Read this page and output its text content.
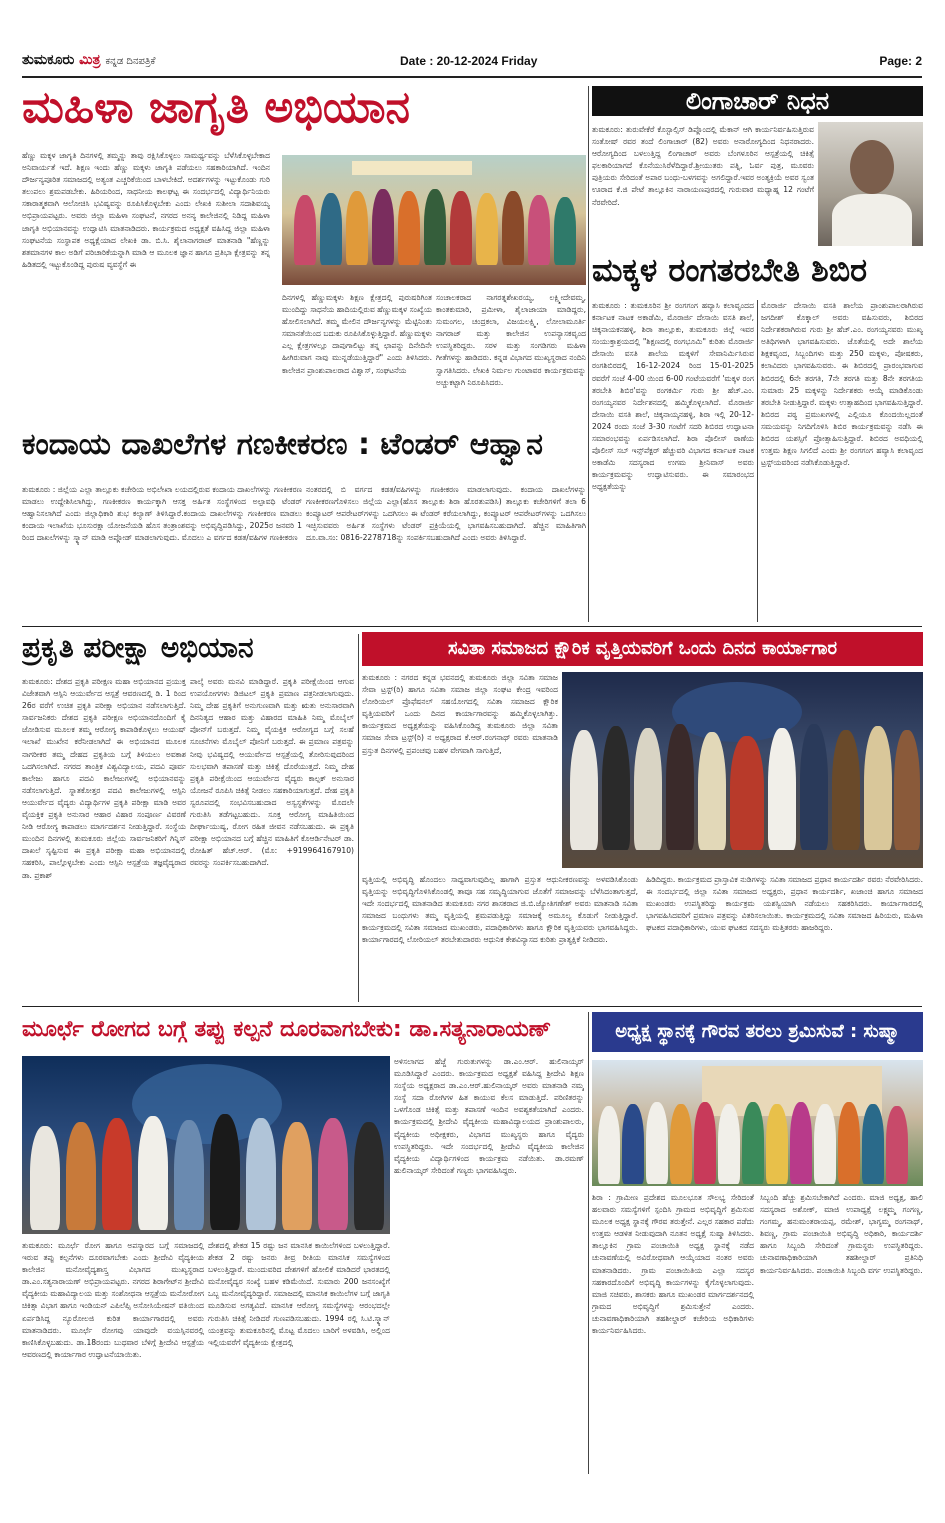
ತುಮಕೂರು ಮಿತ್ರ ಕನ್ನಡ ದಿನಪತ್ರಿಕೆ	Date : 20-12-2024 Friday	Page: 2
ಮಹಿಳಾ ಜಾಗೃತಿ ಅಭಿಯಾನ
ಹೆಣ್ಣು ಮಕ್ಕಳ ಜಾಗೃತಿ ದಿನಗಳಲ್ಲಿ ತಮ್ಮನ್ನು ತಾವು ರಕ್ಷಿಸಿಕೊಳ್ಳಲು ಸಾಮರ್ಥ್ಯವನ್ನು ಬೆಳೆಸಿಕೊಳ್ಳಬೇಕಾದ ಅನಿವಾರ್ಯತೆ ಇದೆ. ಶಿಕ್ಷಣ ಇಂದು ಹೆಣ್ಣು ಮಕ್ಕಳು ಜಾಗೃತಿ ಪಡೆಯಲು ಸಹಕಾರಿಯಾಗಿದೆ. ಇಂದಿನ ದೌರ್ಜನ್ಯಪೂರಿತ ಸಮಾಜದಲ್ಲಿ ಅತ್ಯಂತ ಎಚ್ಚರಿಕೆಯಿಂದ ಬಾಳಬೇಕಿದೆ. ಅದರ್ಶಗಳನ್ನು ಇಟ್ಟುಕೊಂಡು ಗುರಿ ತಲುಪಲು ಶ್ರಮಪಡಬೇಕು. ಹಿರಿಯರಿಂದ, ಸಾಧನೀಯ ಕಾಲಘಟ್ಟ ಈ ಸಂದರ್ಭದಲ್ಲಿ ವಿದ್ಯಾರ್ಥಿನಿಯರು ಸಕಾರಾತ್ಮಕವಾಗಿ ಆಲೋಚಿಸಿ ಭವಿಷ್ಯವನ್ನು ರೂಪಿಸಿಕೊಳ್ಳಬೇಕು ಎಂದು ಲೇಖಕಿ ಸುಶೀಲಾ ಸದಾಶಿವಯ್ಯ ಅಭಿಪ್ರಾಯಪಟ್ಟರು. ಅವರು ಜಿಲ್ಲಾ ಮಹಿಳಾ ಸಂಘಟನೆ, ನಗರದ ಅನನ್ಯ ಕಾಲೇಜಿನಲ್ಲಿ ನಿಡಿದ್ದ ಮಹಿಳಾ ಜಾಗೃತಿ ಅಭಿಯಾನವನ್ನು ಉದ್ಘಾಟಿಸಿ ಮಾತನಾಡಿದರು. ಕಾರ್ಯಕ್ರಮದ ಅಧ್ಯಕ್ಷತೆ ವಹಿಸಿದ್ದ ಜಿಲ್ಲಾ ಮಹಿಳಾ ಸಂಘಟನೆಯ ಸಂಸ್ಥಾಪಕ ಅಧ್ಯಕ್ಷೆಯಾದ ಲೇಖಕಿ ಡಾ. ಬಿ.ಸಿ. ಶೈಲಾನಾಗರಾಜ್ ಮಾತನಾಡಿ "ಹೆಣ್ಣನ್ನು ಶತಮಾನಗಳ ಕಾಲ ಅಡಿಗೆ ಪರಿಚಾರಿಕೆಯನ್ನಾಗಿ ಮಾಡಿ ಆ ಮೂಲಕ ಜ್ಞಾನ ಹಾಗೂ ಪ್ರತಿಭಾ ಕ್ಷೇತ್ರವನ್ನು ತನ್ನ ಹಿಡಿತದಲ್ಲಿ ಇಟ್ಟುಕೊಂಡಿದ್ದ ಪುರುಷ ವ್ಯವಸ್ಥೆಗೆ ಈ
ದಿನಗಳಲ್ಲಿ ಹೆಣ್ಣುಮಕ್ಕಳು ಶಿಕ್ಷಣ ಕ್ಷೇತ್ರದಲ್ಲಿ ಪುರುಷರಿಗಿಂತ ಮುಂದಿದ್ದು ಸಾಧನೆಯ ಹಾದಿಯಲ್ಲಿರುವ ಹೆಣ್ಣುಮಕ್ಕಳ ಸಂಖ್ಯೆಯ ಹೋಲಿಸಲಾಗಿದೆ. ತಮ್ಮ ಮೇಲಿನ ದೌರ್ಜನ್ಯಗಳನ್ನು ಮೆಟ್ಟಿನಿಂತು ಸಮಾನತೆಯಿಂದ ಬದುಕು ರೂಪಿಸಿಕೊಳ್ಳುತ್ತಿದ್ದಾರೆ. ಹೆಣ್ಣುಮಕ್ಕಳು ಎಲ್ಲ ಕ್ಷೇತ್ರಗಳಲ್ಲೂ ದಾಪುಗಾಲಿಟ್ಟು ತನ್ನ ಛಾಪನ್ನು ದಿನೇದಿನೇ ಹೀಗಿರುವಾಗ ನಾವು ಮುನ್ನಡೆಯುತ್ತಿದ್ದಾರೆ" ಎಂದು ತಿಳಿಸಿದರು. ಕಾಲೇಜಿನ ಪ್ರಾಂಶುಪಾಲರಾದ ವಿಶ್ವಾಸ್, ಸಂಘಟನೆಯ
ಸಂಚಾಲಕರಾದ ನಾಗರತ್ನಶೇಖರಯ್ಯ, ಲಕ್ಷ್ಮೀದೇವಮ್ಮ, ಕಾಂತಕುಮಾರಿ, ಪ್ರಮೀಳಾ, ಶೈಲಾಜಾಯಾ ಮಾಡಿದ್ದರು, ಸುಮಂಗಲ, ಚಂದ್ರಕಲಾ, ವಿಜಯಲಕ್ಷ್ಮಿ, ಲೋಲಾಮೂರ್ತಿ ನಾಗರಾಜ್ ಮತ್ತು ಕಾಲೇಜಿನ ಉಪನ್ಯಾಸಕವೃಂದ ಉಪಸ್ಥಿತರಿದ್ದರು. ಸರಳ ಮತ್ತು ಸಂಗಡಿಗರು ಮಹಿಳಾ ಗೀತೆಗಳನ್ನು ಹಾಡಿದರು. ಕನ್ನಡ ವಿಭಾಗದ ಮುಖ್ಯಸ್ಥರಾದ ನಂದಿನಿ ಸ್ವಾಗತಿಸಿದರು. ಲೇಖಕಿ ನಿರ್ಮಲ ಗುಂಟಾವರ ಕಾರ್ಯಕ್ರಮವನ್ನು ಅಚ್ಚುಕಟ್ಟಾಗಿ ನಿರೂಪಿಸಿದರು.
ಲಿಂಗಾಚಾರ್ ನಿಧನ
ತುಮಕೂರು: ತುರುವೇಕೆರೆ ಕೊಸ್ಟಾಲ್ಸಿಸ್ ಡಿಪ್ಲೊಂದಲ್ಲಿ ಮೆಕಾನ್ ಆಗಿ ಕಾರ್ಯನಿರ್ವಹಿಸುತ್ತಿರುವ ಸಂತೋಷ್ ರವರ ತಂದೆ ಲಿಂಗಾಚಾರ್ (82) ಅವರು ಅನಾರೋಗ್ಯದಿಂದ ನಿಧನರಾದರು. ಆರೋಗ್ಯದಿಂದ ಬಳಲುತ್ತಿದ್ದ ಲಿಂಗಾಚಾರ್ ಅವರು ಬೆಂಗಳೂರಿನ ಆಸ್ಪತ್ರೆಯಲ್ಲಿ ಚಿಕಿತ್ಸೆ ಫಲಕಾರಿಯಾಗದೆ ಕೊನೆಯುಸಿರೆಳೆದಿದ್ದಾರೆ.ಶ್ರೀಯುತರು ಪತ್ನಿ, ಓರ್ವ ಪುತ್ರ, ಮೂವರು ಪುತ್ರಿಯರು ಸೇರಿದಂತೆ ಅಪಾರ ಬಂಧು-ಬಳಗವನ್ನು ಅಗಲಿದ್ದಾರೆ.ಇವರ ಅಂತ್ಯಕ್ರಿಯೆ ಅವರ ಸ್ವಂತ ಊರಾದ ಕೆ.ಜಿ ಪೇಟೆ ತಾಲ್ಲೂಕಿನ ನಾರಾಯಣಪುರದಲ್ಲಿ ಗುರುವಾರ ಮಧ್ಯಾಹ್ನ 12 ಗಂಟೆಗೆ ನೆರವೇರಿದೆ.
ಮಕ್ಕಳ ರಂಗತರಬೇತಿ ಶಿಬಿರ
ತುಮಕೂರು : ತುಮಕೂರಿನ ಶ್ರೀ ರಂಗಗಂಗ ಹವ್ಯಾಸಿ ಕಲಾವೃಂದದ ಕರ್ನಾಟಕ ನಾಟಕ ಅಕಾಡೆಮಿ, ಮೊರಾರ್ಜಿ ದೇಸಾಯಿ ವಸತಿ ಶಾಲೆ, ಚಿಕ್ಕನಾಯಕನಹಳ್ಳಿ, ಶಿರಾ ತಾಲ್ಲೂಕು, ತುಮಕೂರು ಜಿಲ್ಲೆ ಇವರ ಸಂಯುಕ್ತಾಶ್ರಯದಲ್ಲಿ "ಶಿಕ್ಷಣದಲ್ಲಿ ರಂಗಭೂಮಿ" ಕುರಿತು ಮೊರಾರ್ಜಿ ದೇಸಾಯಿ ವಸತಿ ಶಾಲೆಯ ಮಕ್ಕಳಿಗೆ ಸೇವಾನಿರ್ಮಿಸಿರುವ ರಂಗಶಿಬಿರದಲ್ಲಿ 16-12-2024 ರಿಂದ 15-01-2025 ರವರೆಗೆ ಸಂಜೆ 4-00 ಯಿಂದ 6-00 ಗಂಟೆಯವರೆಗೆ 'ಮಕ್ಕಳ ರಂಗ ತರಬೇತಿ ಶಿಬಿರ'ವನ್ನು ರಂಗಕರ್ಮಿ ಗುರು ಶ್ರೀ ಹೆಚ್.ಎಂ. ರಂಗಯ್ಯನವರ ನಿರ್ದೇಶನದಲ್ಲಿ ಹಮ್ಮಿಕೊಳ್ಳಲಾಗಿದೆ. ಮೊರಾರ್ಜಿ ದೇಸಾಯಿ ವಸತಿ ಶಾಲೆ, ಚಿಕ್ಕನಾಯ್ಕನಹಳ್ಳಿ, ಶಿರಾ ಇಲ್ಲಿ 20-12-2024 ರಂದು ಸಂಜೆ 3-30 ಗಂಟೆಗೆ ಸದರಿ ಶಿಬಿರದ ಉದ್ಘಾಟನಾ ಸಮಾರಂಭವನ್ನು ಏರ್ಪಡಿಸಲಾಗಿದೆ. ಶಿರಾ ಪೊಲೀಸ್ ಠಾಣೆಯ ಪೊಲೀಸ್ ಸಬ್ ಇನ್ಸ್‌ಪೆಕ್ಟರ್ ಹೆಚ್ಚುವರಿ ವಿಭಾಗದ ಕರ್ನಾಟಕ ನಾಟಕ ಅಕಾಡೆಮಿ ಸದಸ್ಯರಾದ ಉಗಮ ಶ್ರೀನಿವಾಸ್ ಅವರು ಕಾರ್ಯಕ್ರಮವನ್ನು ಉದ್ಘಾಟಿಸುವರು. ಈ ಸಮಾರಂಭದ ಅಧ್ಯಕ್ಷತೆಯನ್ನು
ಮೊರಾರ್ಜಿ ದೇಸಾಯಿ ವಸತಿ ಶಾಲೆಯ ಪ್ರಾಂಶುಪಾಲರಾಗಿರುವ ಜಗದೀಶ್ ಕೊಕ್ಕಾಲ್ ಅವರು ವಹಿಸುವರು, ಶಿಬಿರದ ನಿರ್ದೇಶಕರಾಗಿರುವ ಗುರು ಶ್ರೀ ಹೆಚ್.ಎಂ. ರಂಗಯ್ಯನವರು ಮುಖ್ಯ ಅತಿಥಿಗಳಾಗಿ ಭಾಗವಹಿಸುವರು. ಜೊತೆಯಲ್ಲಿ ಅದೇ ಶಾಲೆಯ ಶಿಕ್ಷಕವೃಂದ, ಸಿಬ್ಬಂದಿಗಳು ಮತ್ತು 250 ಮಕ್ಕಳು, ಪೋಷಕರು, ಕಲಾವಿದರು ಭಾಗವಹಿಸುವರು. ಈ ಶಿಬಿರದಲ್ಲಿ ಪ್ರಾರಂಭವಾಗುವ ಶಿಬಿರದಲ್ಲಿ 6ನೇ ತರಗತಿ, 7ನೇ ತರಗತಿ ಮತ್ತು 8ನೇ ತರಗತಿಯ ಸುಮಾರು 25 ಮಕ್ಕಳನ್ನು ನಿರ್ದೇಶಕರು ಆಯ್ಕೆ ಮಾಡಿಕೊಂಡು ತರಬೇತಿ ನೀಡುತ್ತಿದ್ದಾರೆ. ಮಕ್ಕಳು ಉತ್ಸಾಹದಿಂದ ಭಾಗವಹಿಸುತ್ತಿದ್ದಾರೆ. ಶಿಬಿರದ ಪಠ್ಯ ಪ್ರಮುಖಗಳಲ್ಲಿ ಎಲ್ಲಿಯೂ ಕೊಂದಯಿಲ್ಲದಂತೆ ಸಮಯವನ್ನು ನಿಗದಿಗೊಳಿಸಿ ಶಿಬಿರ ಕಾರ್ಯಕ್ರಮವನ್ನು ನಡೆಸಿ ಈ ಶಿಬಿರದ ಯಶಸ್ಸಿಗೆ ಪ್ರೋತ್ಸಾಹಿಸುತ್ತಿದ್ದಾರೆ. ಶಿಬಿರದ ಅವಧಿಯಲ್ಲಿ ಉತ್ತಮ ಶಿಕ್ಷಣ ಸಿಗಲಿದೆ ಎಂದು ಶ್ರೀ ರಂಗಗಂಗ ಹವ್ಯಾಸಿ ಕಲಾವೃಂದ ಟ್ರಸ್ಟ್‌ಯವರಿಂದ ನಡೆಸಿಕೊಡುತ್ತಿದ್ದಾರೆ.
ಕಂದಾಯ ದಾಖಲೆಗಳ ಗಣಕೀಕರಣ : ಟೆಂಡರ್ ಆಹ್ವಾನ
ತುಮಕೂರು : ಜಿಲ್ಲೆಯ ಎಲ್ಲಾ ತಾಲ್ಲೂಕು ಕಚೇರಿಯ ಅಭಿಲೇಖಾ ಲಯದಲ್ಲಿರುವ ಕಂದಾಯ ದಾಖಲೆಗಳನ್ನು ಗಣಕೀಕರಣ ಮಾಡಲು ಉದ್ದೇಶಿಸಿಲಾಗಿದ್ದು, ಗಣಕೀಕರಣ ಕಾರ್ಯಕ್ಕಾಗಿ ಆಸಕ್ತ ಅರ್ಹಿತ ಸಂಸ್ಥೆಗಳಿಂದ ಅಲ್ಪಾವಧಿ ಟೆಂಡರ್ ಆಹ್ವಾನಿಸಲಾಗಿದೆ ಎಂದು ಜಿಲ್ಲಾಧಿಕಾರಿ ಶುಭ ಕಲ್ಯಾಣ್ ತಿಳಿಸಿದ್ದಾರೆ.ಕಂದಾಯ ದಾಖಲೆಗಳನ್ನು ಗಣಕೀಕರಣ ಮಾಡಲು ಕಂದಾಯ ಇಲಾಖೆಯ ಭೂಸುರಕ್ಷಾ ಯೋಜನೆಯಡಿ ಹೊಸ ತಂತ್ರಾಂಶವನ್ನು ಅಭಿವೃದ್ಧಿಪಡಿಸಿದ್ದು, 2025ರ ಜನವರಿ 1 ರಿಂದ ದಾಖಲೆಗಳನ್ನು ಸ್ಕ್ಯಾನ್ ಮಾಡಿ ಅಪ್ಲೋಡ್ ಮಾಡಲಾಗುವುದು. ಮೊದಲು ಎ ವರ್ಗದ ಕಡತ/ವಹಿಗಳ ಗಣಕೀಕರಣ
ನಂತರದಲ್ಲಿ ಬಿ ವರ್ಗದ ಕಡತ/ವಹಿಗಳನ್ನು ಗಣಕೀಕರಣ ಮಾಡಲಾಗುವುದು. ಕಂದಾಯ ದಾಖಲೆಗಳನ್ನು ಗಣಕೀಕರಣಗೊಳಿಸಲು ಜಿಲ್ಲೆಯ ಎಲ್ಲಾ(ಹೊಸ ತಾಲ್ಲೂಕು ಶಿರಾ ಹೊರತುಪಡಿಸಿ) ತಾಲ್ಲೂಕು ಕಚೇರಿಗಳಿಗೆ ತಲಾ 6 ಕಂಪ್ಯೂಟರ್ ಆಪರೇಟರ್‌ಗಳನ್ನು ಒದಗಿಸಲು ಈ ಟೆಂಡರ್ ಕರೆಯಲಾಗಿದ್ದು, ಕಂಪ್ಯೂಟರ್ ಆಪರೇಟರ್‌ಗಳನ್ನು ಒದಗಿಸಲು ಇಚ್ಛಿಸುವವರು ಅರ್ಹಿತ ಸಂಸ್ಥೆಗಳು ಟೆಂಡರ್ ಪ್ರಕ್ರಿಯೆಯಲ್ಲಿ ಭಾಗವಹಿಸಬಹುದಾಗಿದೆ. ಹೆಚ್ಚಿನ ಮಾಹಿತಿಗಾಗಿ ದೂ.ವಾ.ಸಂ: 0816-2278718ನ್ನು ಸಂಪರ್ಕಿಸಬಹುದಾಗಿದೆ ಎಂದು ಅವರು ತಿಳಿಸಿದ್ದಾರೆ.
ಪ್ರಕೃತಿ ಪರೀಕ್ಷಾ ಅಭಿಯಾನ
ತುಮಕೂರು: ದೇಶದ ಪ್ರಕೃತಿ ಪರೀಕ್ಷಣ ಮಹಾ ಅಭಿಯಾನದ ಪ್ರಯುಕ್ತ ವಿಜೇತವಾಗಿ ಆಸ್ಪಿನಿ ಆಯುರ್ವೇದ ಆಸ್ಪತ್ರೆ ಆವರಣದಲ್ಲಿ ಡಿ. 1 ರಿಂದ 26ರ ವರೆಗೆ ಉಚಿತ ಪ್ರಕೃತಿ ಪರೀಕ್ಷಾ ಅಭಿಯಾನ ನಡೆಸಲಾಗುತ್ತಿದೆ. ಸಾರ್ವಜನಿಕರು ದೇಶದ ಪ್ರಕೃತಿ ಪರೀಕ್ಷಣ ಅಭಿಯಾನದೊಂದಿಗೆ ಕೈ ಜೋಡಿಸುವ ಮೂಲಕ ತಮ್ಮ ಆರೋಗ್ಯ ಕಾಪಾಡಿಕೊಳ್ಳಲು ಆಯುಷ್ ಇಲಾಖೆ ಮುಖೇನ ಕರೆನೀಡಲಾಗಿದೆ ಈ ಅಭಿಯಾನದ ಮೂಲಕ ನಾಗರೀಕರ ತಮ್ಮ ದೇಹದ ಪ್ರಕೃತಿಯ ಬಗ್ಗೆ ತಿಳಿಯಲು ಅವಕಾಶ ಒದಗಿಸಲಾಗಿದೆ. ನಗರದ ತಾಂತ್ರಿಕ ವಿಶ್ವವಿದ್ಯಾಲಯ, ಪದವಿ ಪೂರ್ವ ಕಾಲೇಜು ಹಾಗೂ ಪದವಿ ಕಾಲೇಜುಗಳಲ್ಲಿ ಅಭಿಯಾನವನ್ನು ನಡೆಸಲಾಗುತ್ತಿದೆ. ಸ್ನಾತಕೋತ್ತರ ಪದವಿ ಕಾಲೇಜುಗಳಲ್ಲಿ ಆಸ್ಪಿನಿ ಆಯುರ್ವೇದ ವೈದ್ಯರು ವಿದ್ಯಾರ್ಥಿಗಳ ಪ್ರಕೃತಿ ಪರೀಕ್ಷಾ ಮಾಡಿ ಅವರ ವೈಯಕ್ತಿಕ ಪ್ರಕೃತಿ ಅನುಸಾರ ಆಹಾರ ವಿಹಾರ ಸಂಪೂರ್ಣ ವಿವರಣೆ ನೀಡಿ ಆರೋಗ್ಯ ಕಾಪಾಡಲು ಮಾರ್ಗದರ್ಶನ ನೀಡುತ್ತಿದ್ದಾರೆ. ಸಂಸ್ಥೆಯ ಮುಂದಿನ ದಿನಗಳಲ್ಲಿ ತುಮಕೂರು ಜಿಲ್ಲೆಯ ಸಾರ್ವಜನಿಕರಿಗೆ ಗಿನ್ನಿಸ್ ದಾಖಲೆ ಸೃಷ್ಟಿಸುವ ಈ ಪ್ರಕೃತಿ ಪರೀಕ್ಷಾ ಮಹಾ ಅಭಿಯಾನದಲ್ಲಿ ಸಹಕರಿಸಿ, ಪಾಲ್ಗೊಳ್ಳಬೇಕು ಎಂದು ಆಸ್ಪಿನಿ ಆಸ್ಪತ್ರೆಯ ತಜ್ಞವೈದ್ಯರಾದ ಡಾ. ಪ್ರಕಾಶ್
ಪಾಲ್ಕೆ ಅವರು ಮನವಿ ಮಾಡಿದ್ದಾರೆ. ಪ್ರಕೃತಿ ಪರೀಕ್ಷೆಯಿಂದ ಆಗುವ ಉಪಯೋಗಗಳು ಡಿಜಿಟಲ್ ಪ್ರಕೃತಿ ಪ್ರಮಾಣ ಪತ್ರನೀಡಲಾಗುವುದು. ನಿಮ್ಮ ದೇಹ ಪ್ರಕೃತಿಗೆ ಅನುಗುಣವಾಗಿ ಮತ್ತು ಋತು ಅನುಸಾರವಾಗಿ ದಿನನಿತ್ಯದ ಆಹಾರ ಮತ್ತು ವಿಹಾರದ ಮಾಹಿತಿ ನಿಮ್ಮ ಮೊಬೈಲ್ ಪೋನ್‌ಗೆ ಬರುತ್ತದೆ. ನಿಮ್ಮ ವೈಯಕ್ತಿಕ ಆರೋಗ್ಯದ ಬಗ್ಗೆ ಸಲಹೆ ಸೂಚನೆಗಳು ಮೊಬೈಲ್ ಪೋನಿಗೆ ಬರುತ್ತದೆ. ಈ ಪ್ರಮಾಣ ಪತ್ರವನ್ನು ನೀವು ಭವಿಷ್ಯದಲ್ಲಿ ಆಯುರ್ವೇದ ಆಸ್ಪತ್ರೆಯಲ್ಲಿ ತೋರಿಸುವುದರಿಂದ ಸುಲಭವಾಗಿ ತಪಾಸಣೆ ಮತ್ತು ಚಿಕಿತ್ಸೆ ದೊರೆಯುತ್ತದೆ. ನಿಮ್ಮ ದೇಹ ಪ್ರಕೃತಿ ಪರೀಕ್ಷೆಯಿಂದ ಆಯುರ್ವೇದ ವೈದ್ಯರು ಕಾಲ್ಪಕ್ ಅನುಸಾರ ಯೋಜನೆ ರೂಪಿಸಿ ಚಿಕಿತ್ಸೆ ನೀಡಲು ಸಹಕಾರಿಯಾಗುತ್ತದೆ. ದೇಹ ಪ್ರಕೃತಿ ಸ್ವರೂಪದಲ್ಲಿ ಸಂಭವಿಸಬಹುದಾದ ಅಸ್ವಸ್ಥತೆಗಳನ್ನು ಮೊದಲೇ ಗುರುತಿಸಿ ತಡೆಗಟ್ಟಬಹುದು. ಸೂಕ್ತ ಆರೋಗ್ಯ ಮಾಹಿತಿಯಿಂದ ದೀರ್ಘಾಯುಷ್ಯ, ರೋಗ ರಹಿತ ಜೀವನ ನಡೆಸಬಹುದು. ಈ ಪ್ರಕೃತಿ ಪರೀಕ್ಷಾ ಅಭಿಯಾನದ ಬಗ್ಗೆ ಹೆಚ್ಚಿನ ಮಾಹಿತಿಗೆ ಕೊಆರ್ಡಿನೇಟರ್ ಡಾ. ರೋಹಿತ್ ಹೆಚ್.ಆರ್. (ಮೊ: +919964167910) ರವರನ್ನು ಸಂಪರ್ಕಿಸಬಹುದಾಗಿದೆ.
ಸವಿತಾ ಸಮಾಜದ ಕ್ಷೌರಿಕ ವೃತ್ತಿಯವರಿಗೆ ಒಂದು ದಿನದ ಕಾರ್ಯಾಗಾರ
ತುಮಕೂರು : ನಗರದ ಕನ್ನಡ ಭವನದಲ್ಲಿ ತುಮಕೂರು ಜಿಲ್ಲಾ ಸವಿತಾ ಸಮಾಜ ಸೇವಾ ಟ್ರಸ್ಟ್(ರಿ) ಹಾಗೂ ಸವಿತಾ ಸಮಾಜ ಜಿಲ್ಲಾ ಸಂಘಟ ಕೇಂದ್ರ ಇವರಿಂದ ಲೋರಿಯಲ್ ಪ್ರೊಫೆಷನಲ್ ಸಹಯೋಗದಲ್ಲಿ ಸವಿತಾ ಸಮಾಜದ ಕ್ಷೌರಿಕ ವೃತ್ತಿಯವರಿಗೆ ಒಂದು ದಿನದ ಕಾರ್ಯಾಗಾರವನ್ನು ಹಮ್ಮಿಕೊಳ್ಳಲಾಗಿತ್ತು. ಕಾರ್ಯಕ್ರಮದ ಅಧ್ಯಕ್ಷತೆಯನ್ನು ವಹಿಸಿಕೊಂಡಿದ್ದ ತುಮಕೂರು ಜಿಲ್ಲಾ ಸವಿತಾ ಸಮಾಜ ಸೇವಾ ಟ್ರಸ್ಟ್(ರಿ) ನ ಅಧ್ಯಕ್ಷರಾದ ಕೆ.ಆರ್.ರಂಗನಾಥ್ ರವರು ಮಾತನಾಡಿ ಪ್ರಸ್ತುತ ದಿನಗಳಲ್ಲಿ ಪ್ರಪಂಚವು ಬಹಳ ವೇಗವಾಗಿ ಸಾಗುತ್ತಿದೆ,
ವೃತ್ತಿಯಲ್ಲಿ ಅಭಿವೃದ್ಧಿ ಹೊಂದಲು ಸಾಧ್ಯವಾಗುವುದಿಲ್ಲ ಹಾಗಾಗಿ ಪ್ರಸ್ತುತ ಆಧುನೀಕರಣವನ್ನು ಅಳವಡಿಸಿಕೊಂಡು ವೃತ್ತಿಯನ್ನು ಅಭಿವೃದ್ಧಿಗೊಳಿಸಿಕೊಂಡಲ್ಲಿ ತಾವೂ ಸಹ ಸಮೃದ್ಧಿಯಾಗುವ ಜೊತೆಗೆ ಸಮಾಜವನ್ನು ಬೆಳೆಸಿದಂತಾಗುತ್ತದೆ, ಇದೇ ಸಂದರ್ಭದಲ್ಲಿ ಮಾತನಾಡಿದ ತುಮಕೂರು ನಗರ ಶಾಸಕರಾದ ಜಿ.ಬಿ.ಜ್ಯೋತಿಗಣೇಶ್ ಅವರು ಮಾತನಾಡಿ ಸವಿತಾ ಸಮಾಜದ ಬಂಧುಗಳು ತಮ್ಮ ವೃತ್ತಿಯಲ್ಲಿ ಶ್ರಮಪಡುತ್ತಿದ್ದು ಸಮಾಜಕ್ಕೆ ಅಮೂಲ್ಯ ಕೊಡುಗೆ ನೀಡುತ್ತಿದ್ದಾರೆ. ಕಾರ್ಯಕ್ರಮದಲ್ಲಿ ಸವಿತಾ ಸಮಾಜದ ಮುಖಂಡರು, ಪದಾಧಿಕಾರಿಗಳು ಹಾಗೂ ಕ್ಷೌರಿಕ ವೃತ್ತಿಯವರು ಭಾಗವಹಿಸಿದ್ದರು. ಕಾರ್ಯಾಗಾರದಲ್ಲಿ ಲೋರಿಯಲ್ ತರಬೇತುದಾರರು ಆಧುನಿಕ ಕೇಶವಿನ್ಯಾಸದ ಕುರಿತು ಪ್ರಾತ್ಯಕ್ಷಿಕೆ ನೀಡಿದರು.
ಹಿಡಿದಿದ್ದರು. ಕಾರ್ಯಕ್ರಮದ ಪ್ರಾಸ್ತಾವಿಕ ನುಡಿಗಳನ್ನು ಸವಿತಾ ಸಮಾಜದ ಪ್ರಧಾನ ಕಾರ್ಯದರ್ಶಿ ರವರು ನೆರವೇರಿಸಿದರು. ಈ ಸಂದರ್ಭದಲ್ಲಿ ಜಿಲ್ಲಾ ಸವಿತಾ ಸಮಾಜದ ಅಧ್ಯಕ್ಷರು, ಪ್ರಧಾನ ಕಾರ್ಯದರ್ಶಿ, ಖಜಾಂಚಿ ಹಾಗೂ ಸಮಾಜದ ಮುಖಂಡರು ಉಪಸ್ಥಿತರಿದ್ದು ಕಾರ್ಯಕ್ರಮ ಯಶಸ್ವಿಯಾಗಿ ನಡೆಯಲು ಸಹಕರಿಸಿದರು. ಕಾರ್ಯಾಗಾರದಲ್ಲಿ ಭಾಗವಹಿಸಿದವರಿಗೆ ಪ್ರಮಾಣ ಪತ್ರವನ್ನು ವಿತರಿಸಲಾಯಿತು. ಕಾರ್ಯಕ್ರಮದಲ್ಲಿ ಸವಿತಾ ಸಮಾಜದ ಹಿರಿಯರು, ಮಹಿಳಾ ಘಟಕದ ಪದಾಧಿಕಾರಿಗಳು, ಯುವ ಘಟಕದ ಸದಸ್ಯರು ಮತ್ತಿತರರು ಹಾಜರಿದ್ದರು.
ಮೂರ್ಛೆ ರೋಗದ ಬಗ್ಗೆ ತಪ್ಪು ಕಲ್ಪನೆ ದೂರವಾಗಬೇಕು: ಡಾ.ಸತ್ಯನಾರಾಯಣ್
ಅಳಿಸಲಾಗದ ಹೆಜ್ಜೆ ಗುರುತುಗಳನ್ನು ಡಾ.ಎಂ.ಆರ್. ಹುಲಿನಾಯ್ಕರ್ ಮೂಡಿಸಿದ್ದಾರೆ ಎಂದರು. ಕಾರ್ಯಕ್ರಮದ ಅಧ್ಯಕ್ಷತೆ ವಹಿಸಿದ್ದ ಶ್ರೀದೇವಿ ಶಿಕ್ಷಣ ಸಂಸ್ಥೆಯ ಅಧ್ಯಕ್ಷರಾದ ಡಾ.ಎಂ.ಆರ್.ಹುಲಿನಾಯ್ಕರ್ ಅವರು ಮಾತನಾಡಿ ನಮ್ಮ ಸಂಸ್ಥೆ ಸದಾ ರೋಗಿಗಳ ಹಿತ ಕಾಯುವ ಕೆಲಸ ಮಾಡುತ್ತಿದೆ. ಪರಿಣಿತರನ್ನು ಒಳಗೊಂಡ ಚಿಕಿತ್ಸೆ ಮತ್ತು ತಪಾಸಣೆ ಇಂದಿನ ಅವಶ್ಯಕತೆಯಾಗಿದೆ ಎಂದರು. ಕಾರ್ಯಕ್ರಮದಲ್ಲಿ ಶ್ರೀದೇವಿ ವೈದ್ಯಕೀಯ ಮಹಾವಿದ್ಯಾಲಯದ ಪ್ರಾಂಶುಪಾಲರು, ವೈದ್ಯಕೀಯ ಅಧೀಕ್ಷಕರು, ವಿಭಾಗದ ಮುಖ್ಯಸ್ಥರು ಹಾಗೂ ವೈದ್ಯರು ಉಪಸ್ಥಿತರಿದ್ದರು. ಇದೇ ಸಂದರ್ಭದಲ್ಲಿ ಶ್ರೀದೇವಿ ವೈದ್ಯಕೀಯ ಕಾಲೇಜಿನ ವೈದ್ಯಕೀಯ ವಿದ್ಯಾರ್ಥಿಗಳಿಂದ ಕಾರ್ಯಕ್ರಮ ನಡೆಯಿತು. ಡಾ.ರಮಣ್ ಹುಲಿನಾಯ್ಕರ್ ಸೇರಿದಂತೆ ಗಣ್ಯರು ಭಾಗವಹಿಸಿದ್ದರು.
ತುಮಕೂರು: ಮೂರ್ಛೆ ರೋಗ ಹಾಗೂ ಅಪಸ್ಮಾರದ ಬಗ್ಗೆ ಸಮಾಜದಲ್ಲಿ ಇರುವ ತಪ್ಪು ಕಲ್ಪನೆಗಳು ದೂರವಾಗಬೇಕು ಎಂದು ಶ್ರೀದೇವಿ ವೈದ್ಯಕೀಯ ಕಾಲೇಜಿನ ಮನೋವೈದ್ಯಶಾಸ್ತ್ರ ವಿಭಾಗದ ಮುಖ್ಯಸ್ಥರಾದ ಡಾ.ಎಂ.ಸತ್ಯನಾರಾಯಣ್ ಅಭಿಪ್ರಾಯಪಟ್ಟರು. ನಗರದ ಶಿರಾಗೇಟ್‌ನ ಶ್ರೀದೇವಿ ವೈದ್ಯಕೀಯ ಮಹಾವಿದ್ಯಾಲಯ ಮತ್ತು ಸಂಶೋಧನಾ ಆಸ್ಪತ್ರೆಯ ಮನೋರೋಗ ಚಿಕಿತ್ಸಾ ವಿಭಾಗ ಹಾಗೂ ಇಂಡಿಯನ್ ಎಪಿಲೆಪ್ಸಿ ಅಸೋಸಿಯೇಷನ್ ವತಿಯಿಂದ ಏರ್ಪಡಿಸಿದ್ದ ನ್ಯೂರೋಲಜಿ ಕುರಿತ ಕಾರ್ಯಾಗಾರದಲ್ಲಿ ಅವರು ಮಾತನಾಡಿದರು. ಮೂರ್ಛೆ ರೋಗವು ಯಾವುದೇ ವಯಸ್ಸಿನವರಲ್ಲಿ ಕಾಣಿಸಿಕೊಳ್ಳಬಹುದು. ಡಾ.18ರಂದು ಬುಧವಾರ ಬೆಳಿಗ್ಗೆ ಶ್ರೀದೇವಿ ಆಸ್ಪತ್ರೆಯ ಆವರಣದಲ್ಲಿ ಕಾರ್ಯಾಗಾರ ಉದ್ಘಾಟನೆಯಾಯಿತು.
ದೇಶದಲ್ಲಿ ಶೇಕಡ 15 ರಷ್ಟು ಜನ ಮಾನಸಿಕ ಕಾಯಿಲೆಗಳಿಂದ ಬಳಲುತ್ತಿದ್ದಾರೆ. ಶೇಕಡ 2 ರಷ್ಟು ಜನರು ತೀವ್ರ ರೀತಿಯ ಮಾನಸಿಕ ಸಮಸ್ಯೆಗಳಿಂದ ಬಳಲುತ್ತಿದ್ದಾರೆ. ಮುಂದುವರಿದ ದೇಶಗಳಿಗೆ ಹೋಲಿಕೆ ಮಾಡಿದರೆ ಭಾರತದಲ್ಲಿ ಮನೋವೈದ್ಯರ ಸಂಖ್ಯೆ ಬಹಳ ಕಡಿಮೆಯಿದೆ. ಸುಮಾರು 200 ಜನಸಂಖ್ಯೆಗೆ ಒಬ್ಬ ಮನೋವೈದ್ಯರಿದ್ದಾರೆ. ಸಮಾಜದಲ್ಲಿ ಮಾನಸಿಕ ಕಾಯಿಲೆಗಳ ಬಗ್ಗೆ ಜಾಗೃತಿ ಮೂಡಿಸುವ ಅಗತ್ಯವಿದೆ. ಮಾನಸಿಕ ಆರೋಗ್ಯ ಸಮಸ್ಯೆಗಳನ್ನು ಆರಂಭದಲ್ಲೇ ಗುರುತಿಸಿ ಚಿಕಿತ್ಸೆ ನೀಡಿದರೆ ಗುಣಪಡಿಸಬಹುದು. 1994 ರಲ್ಲಿ ಸಿ.ಟಿ.ಸ್ಕ್ಯಾನ್ ಯಂತ್ರವನ್ನು ತುಮಕೂರಿನಲ್ಲಿ ಮೊಟ್ಟ ಮೊದಲು ಬಾರಿಗೆ ಅಳವಡಿಸಿ, ಅಲ್ಲಿಂದ ಇಲ್ಲಿಯವರೆಗೆ ವೈದ್ಯಕೀಯ ಕ್ಷೇತ್ರದಲ್ಲಿ
ಅಧ್ಯಕ್ಷ ಸ್ಥಾನಕ್ಕೆ ಗೌರವ ತರಲು ಶ್ರಮಿಸುವೆ : ಸುಷ್ಮಾ
ಶಿರಾ : ಗ್ರಾಮೀಣ ಪ್ರದೇಶದ ಮೂಲಭೂತ ಸೌಲಭ್ಯ ಸೇರಿದಂತೆ ಹಲವಾರು ಸಮಸ್ಯೆಗಳಿಗೆ ಸ್ಪಂದಿಸಿ ಗ್ರಾಮದ ಅಭಿವೃದ್ಧಿಗೆ ಶ್ರಮಿಸುವ ಮೂಲಕ ಅಧ್ಯಕ್ಷ ಸ್ಥಾನಕ್ಕೆ ಗೌರವ ತರುತ್ತೇನೆ. ಎಲ್ಲರ ಸಹಕಾರ ಪಡೆದು ಉತ್ತಮ ಆಡಳಿತ ನೀಡುವುದಾಗಿ ನೂತನ ಅಧ್ಯಕ್ಷೆ ಸುಷ್ಮಾ ತಿಳಿಸಿದರು. ತಾಲ್ಲೂಕಿನ ಗ್ರಾಮ ಪಂಚಾಯಿತಿ ಅಧ್ಯಕ್ಷ ಸ್ಥಾನಕ್ಕೆ ನಡೆದ ಚುನಾವಣೆಯಲ್ಲಿ ಅವಿರೋಧವಾಗಿ ಆಯ್ಕೆಯಾದ ನಂತರ ಅವರು ಮಾತನಾಡಿದರು. ಗ್ರಾಮ ಪಂಚಾಯಿತಿಯ ಎಲ್ಲಾ ಸದಸ್ಯರ ಸಹಕಾರದೊಂದಿಗೆ ಅಭಿವೃದ್ಧಿ ಕಾರ್ಯಗಳನ್ನು ಕೈಗೊಳ್ಳಲಾಗುವುದು. ಮಾಜಿ ಸಚಿವರು, ಶಾಸಕರು ಹಾಗೂ ಮುಖಂಡರ ಮಾರ್ಗದರ್ಶನದಲ್ಲಿ ಗ್ರಾಮದ ಅಭಿವೃದ್ಧಿಗೆ ಶ್ರಮಿಸುತ್ತೇನೆ ಎಂದರು. ಚುನಾವಣಾಧಿಕಾರಿಯಾಗಿ ತಹಶೀಲ್ದಾರ್ ಕಚೇರಿಯ ಅಧಿಕಾರಿಗಳು ಕಾರ್ಯನಿರ್ವಹಿಸಿದರು.
ಸಿಬ್ಬಂದಿ ಹೆಚ್ಚು ಶ್ರಮಿಸಬೇಕಾಗಿದೆ ಎಂದರು. ಮಾಜಿ ಅಧ್ಯಕ್ಷ, ಹಾಲಿ ಸದಸ್ಯರಾದ ಅಶೋಕ್, ಮಾಜಿ ಉಪಾಧ್ಯಕ್ಷೆ ಲಕ್ಷ್ಮಮ್ಮ ಗಂಗಣ್ಣ, ಗಂಗಮ್ಮ, ಹನುಮಂತರಾಯಪ್ಪ, ರಮೇಶ್, ಭಾಗ್ಯಮ್ಮ ರಂಗನಾಥ್, ಶಿವಣ್ಣ, ಗ್ರಾಮ ಪಂಚಾಯಿತಿ ಅಭಿವೃದ್ಧಿ ಅಧಿಕಾರಿ, ಕಾರ್ಯದರ್ಶಿ ಹಾಗೂ ಸಿಬ್ಬಂದಿ ಸೇರಿದಂತೆ ಗ್ರಾಮಸ್ಥರು ಉಪಸ್ಥಿತರಿದ್ದರು. ಚುನಾವಣಾಧಿಕಾರಿಯಾಗಿ ತಹಶೀಲ್ದಾರ್ ಪ್ರತಿನಿಧಿ ಕಾರ್ಯನಿರ್ವಹಿಸಿದರು. ಪಂಚಾಯಿತಿ ಸಿಬ್ಬಂದಿ ವರ್ಗ ಉಪಸ್ಥಿತರಿದ್ದರು.
